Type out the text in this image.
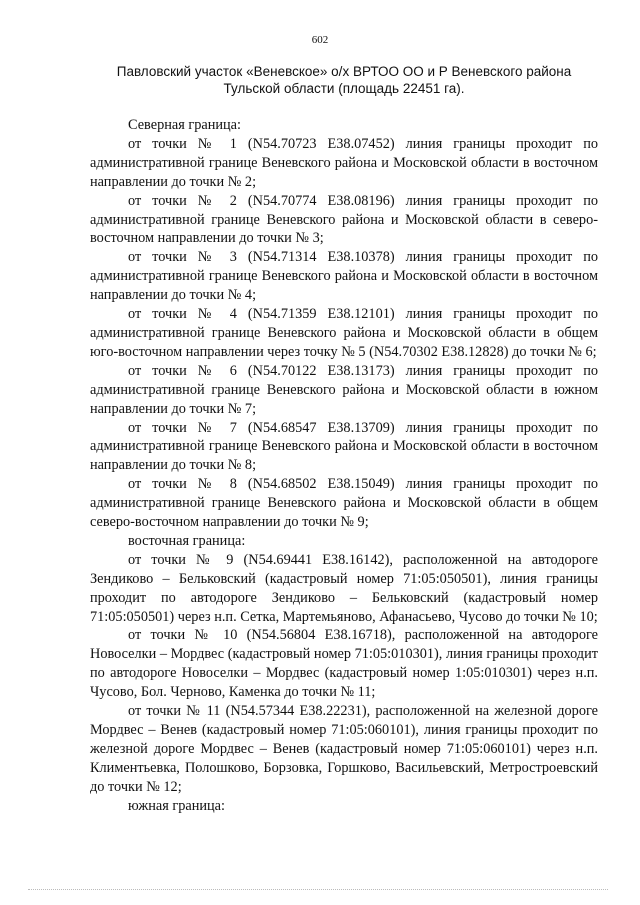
602
Павловский участок «Веневское» о/х ВРТОО ОО и Р Веневского района
Тульской области (площадь 22451 га).

Северная граница:

от точки № 1 (N54.70723 E38.07452) линия границы проходит по административной границе Веневского района и Московской области в восточном направлении до точки № 2;

от точки № 2 (N54.70774 E38.08196) линия границы проходит по административной границе Веневского района и Московской области в северо-восточном направлении до точки № 3;

от точки № 3 (N54.71314 E38.10378) линия границы проходит по административной границе Веневского района и Московской области в восточном направлении до точки № 4;

от точки № 4 (N54.71359 E38.12101) линия границы проходит по административной границе Веневского района и Московской области в общем юго-восточном направлении через точку № 5 (N54.70302 E38.12828) до точки № 6;

от точки № 6 (N54.70122 E38.13173) линия границы проходит по административной границе Веневского района и Московской области в южном направлении до точки № 7;

от точки № 7 (N54.68547 E38.13709) линия границы проходит по административной границе Веневского района и Московской области в восточном направлении до точки № 8;

от точки № 8 (N54.68502 E38.15049) линия границы проходит по административной границе Веневского района и Московской области в общем северо-восточном направлении до точки № 9;

восточная граница:

от точки № 9 (N54.69441 E38.16142), расположенной на автодороге Зендиково – Бельковский (кадастровый номер 71:05:050501), линия границы проходит по автодороге Зендиково – Бельковский (кадастровый номер 71:05:050501) через н.п. Сетка, Мартемьяново, Афанасьево, Чусово до точки № 10;

от точки № 10 (N54.56804 E38.16718), расположенной на автодороге Новоселки – Мордвес (кадастровый номер 71:05:010301), линия границы проходит по автодороге Новоселки – Мордвес (кадастровый номер 1:05:010301) через н.п. Чусово, Бол. Черново, Каменка до точки № 11;

от точки № 11 (N54.57344 E38.22231), расположенной на железной дороге Мордвес – Венев (кадастровый номер 71:05:060101), линия границы проходит по железной дороге Мордвес – Венев (кадастровый номер 71:05:060101) через н.п. Климентьевка, Полошково, Борзовка, Горшково, Васильевский, Метростроевский до точки № 12;

южная граница:
